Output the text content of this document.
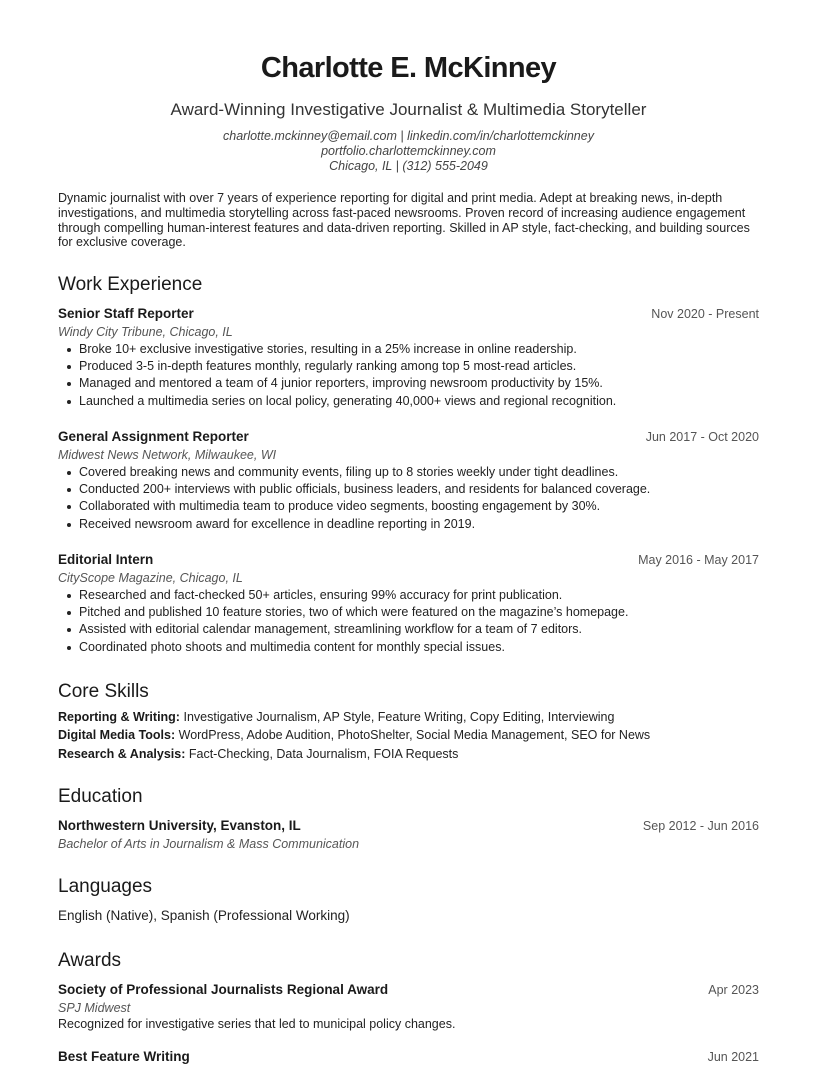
Charlotte E. McKinney
Award-Winning Investigative Journalist & Multimedia Storyteller
charlotte.mckinney@email.com | linkedin.com/in/charlottemckinney
portfolio.charlottemckinney.com
Chicago, IL | (312) 555-2049
Dynamic journalist with over 7 years of experience reporting for digital and print media. Adept at breaking news, in-depth investigations, and multimedia storytelling across fast-paced newsrooms. Proven record of increasing audience engagement through compelling human-interest features and data-driven reporting. Skilled in AP style, fact-checking, and building sources for exclusive coverage.
Work Experience
Senior Staff Reporter	Nov 2020 - Present
Windy City Tribune, Chicago, IL
Broke 10+ exclusive investigative stories, resulting in a 25% increase in online readership.
Produced 3-5 in-depth features monthly, regularly ranking among top 5 most-read articles.
Managed and mentored a team of 4 junior reporters, improving newsroom productivity by 15%.
Launched a multimedia series on local policy, generating 40,000+ views and regional recognition.
General Assignment Reporter	Jun 2017 - Oct 2020
Midwest News Network, Milwaukee, WI
Covered breaking news and community events, filing up to 8 stories weekly under tight deadlines.
Conducted 200+ interviews with public officials, business leaders, and residents for balanced coverage.
Collaborated with multimedia team to produce video segments, boosting engagement by 30%.
Received newsroom award for excellence in deadline reporting in 2019.
Editorial Intern	May 2016 - May 2017
CityScope Magazine, Chicago, IL
Researched and fact-checked 50+ articles, ensuring 99% accuracy for print publication.
Pitched and published 10 feature stories, two of which were featured on the magazine’s homepage.
Assisted with editorial calendar management, streamlining workflow for a team of 7 editors.
Coordinated photo shoots and multimedia content for monthly special issues.
Core Skills
Reporting & Writing: Investigative Journalism, AP Style, Feature Writing, Copy Editing, Interviewing
Digital Media Tools: WordPress, Adobe Audition, PhotoShelter, Social Media Management, SEO for News
Research & Analysis: Fact-Checking, Data Journalism, FOIA Requests
Education
Northwestern University, Evanston, IL	Sep 2012 - Jun 2016
Bachelor of Arts in Journalism & Mass Communication
Languages
English (Native), Spanish (Professional Working)
Awards
Society of Professional Journalists Regional Award	Apr 2023
SPJ Midwest
Recognized for investigative series that led to municipal policy changes.
Best Feature Writing	Jun 2021
